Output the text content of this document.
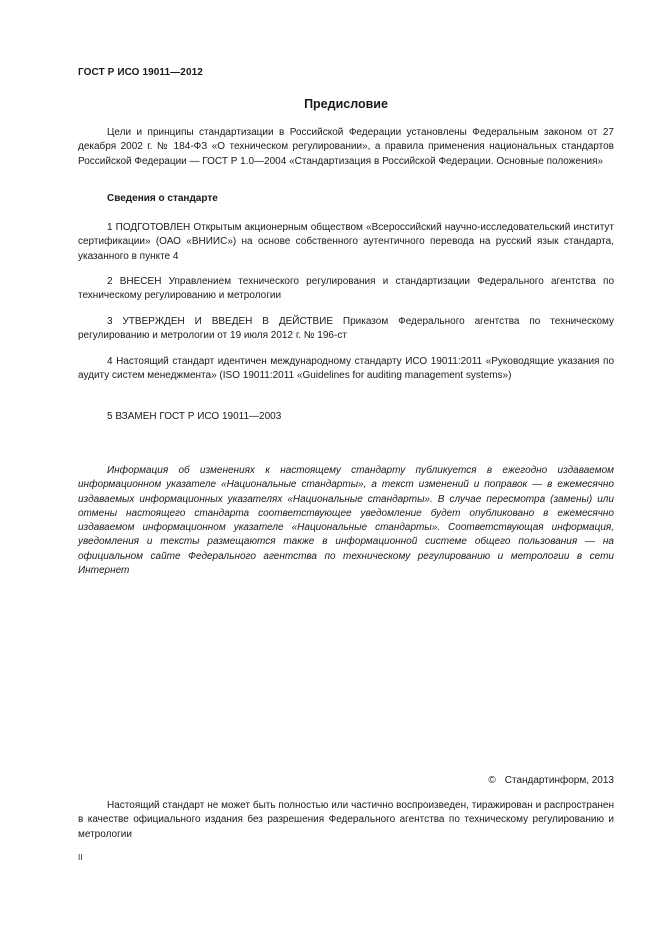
ГОСТ Р ИСО 19011—2012
Предисловие

Цели и принципы стандартизации в Российской Федерации установлены Федеральным законом от 27 декабря 2002 г. № 184-ФЗ «О техническом регулировании», а правила применения национальных стандартов Российской Федерации — ГОСТ Р 1.0—2004 «Стандартизация в Российской Федерации. Основные положения»

Сведения о стандарте

1 ПОДГОТОВЛЕН Открытым акционерным обществом «Всероссийский научно-исследовательский институт сертификации» (ОАО «ВНИИС») на основе собственного аутентичного перевода на русский язык стандарта, указанного в пункте 4

2 ВНЕСЕН Управлением технического регулирования и стандартизации Федерального агентства по техническому регулированию и метрологии

3 УТВЕРЖДЕН И ВВЕДЕН В ДЕЙСТВИЕ Приказом Федерального агентства по техническому регулированию и метрологии от 19 июля 2012 г. № 196-ст

4 Настоящий стандарт идентичен международному стандарту ИСО 19011:2011 «Руководящие указания по аудиту систем менеджмента» (ISO 19011:2011 «Guidelines for auditing management systems»)

5 ВЗАМЕН ГОСТ Р ИСО 19011—2003

Информация об изменениях к настоящему стандарту публикуется в ежегодно издаваемом информационном указателе «Национальные стандарты», а текст изменений и поправок — в ежемесячно издаваемых информационных указателях «Национальные стандарты». В случае пересмотра (замены) или отмены настоящего стандарта соответствующее уведомление будет опубликовано в ежемесячно издаваемом информационном указателе «Национальные стандарты». Соответствующая информация, уведомления и тексты размещаются также в информационной системе общего пользования — на официальном сайте Федерального агентства по техническому регулированию и метрологии в сети Интернет

© Стандартинформ, 2013

Настоящий стандарт не может быть полностью или частично воспроизведен, тиражирован и распространен в качестве официального издания без разрешения Федерального агентства по техническому регулированию и метрологии

II
